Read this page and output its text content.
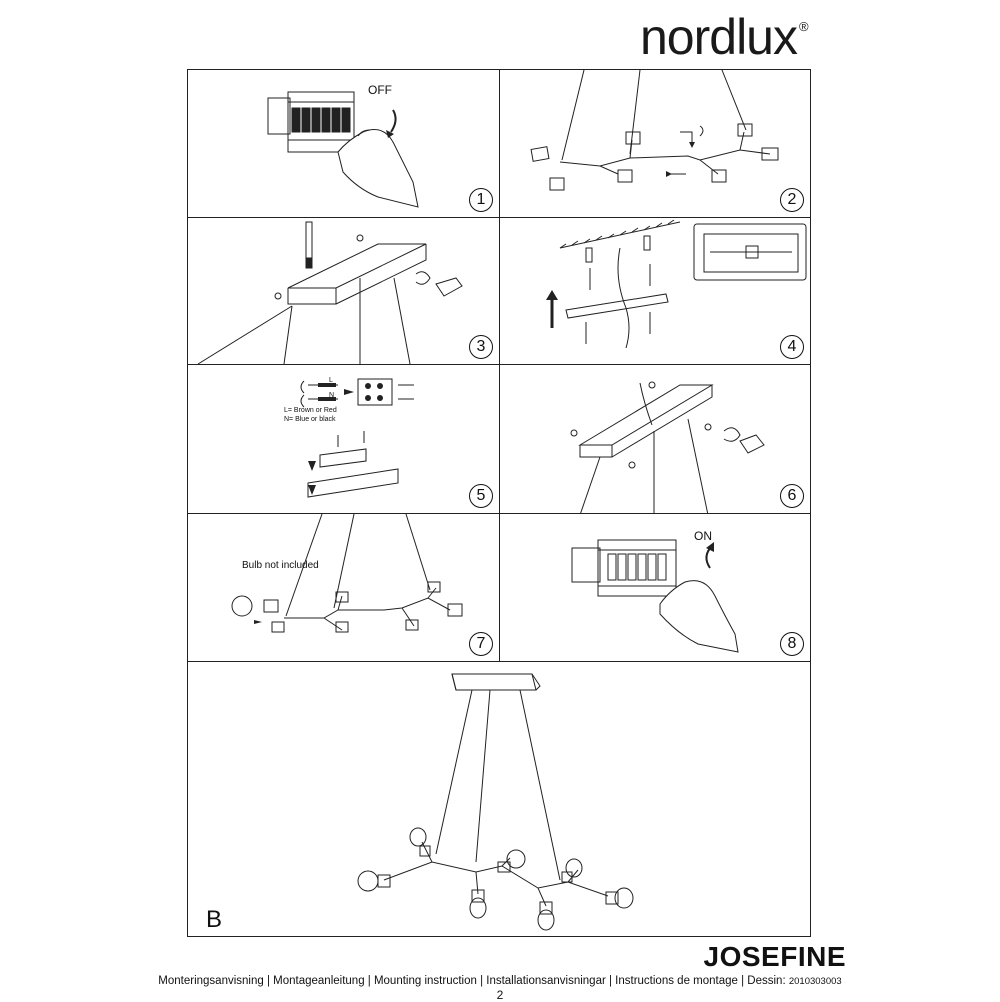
nordlux ®
OFF
1	2
3	4
L
N
L= Brown or Red
N= Blue or black
5	6
Bulb not included
7
ON
8
B
JOSEFINE
Monteringsanvisning | Montageanleitung | Mounting instruction | Installationsanvisningar | Instructions de montage | Dessin: 2010303003
2
